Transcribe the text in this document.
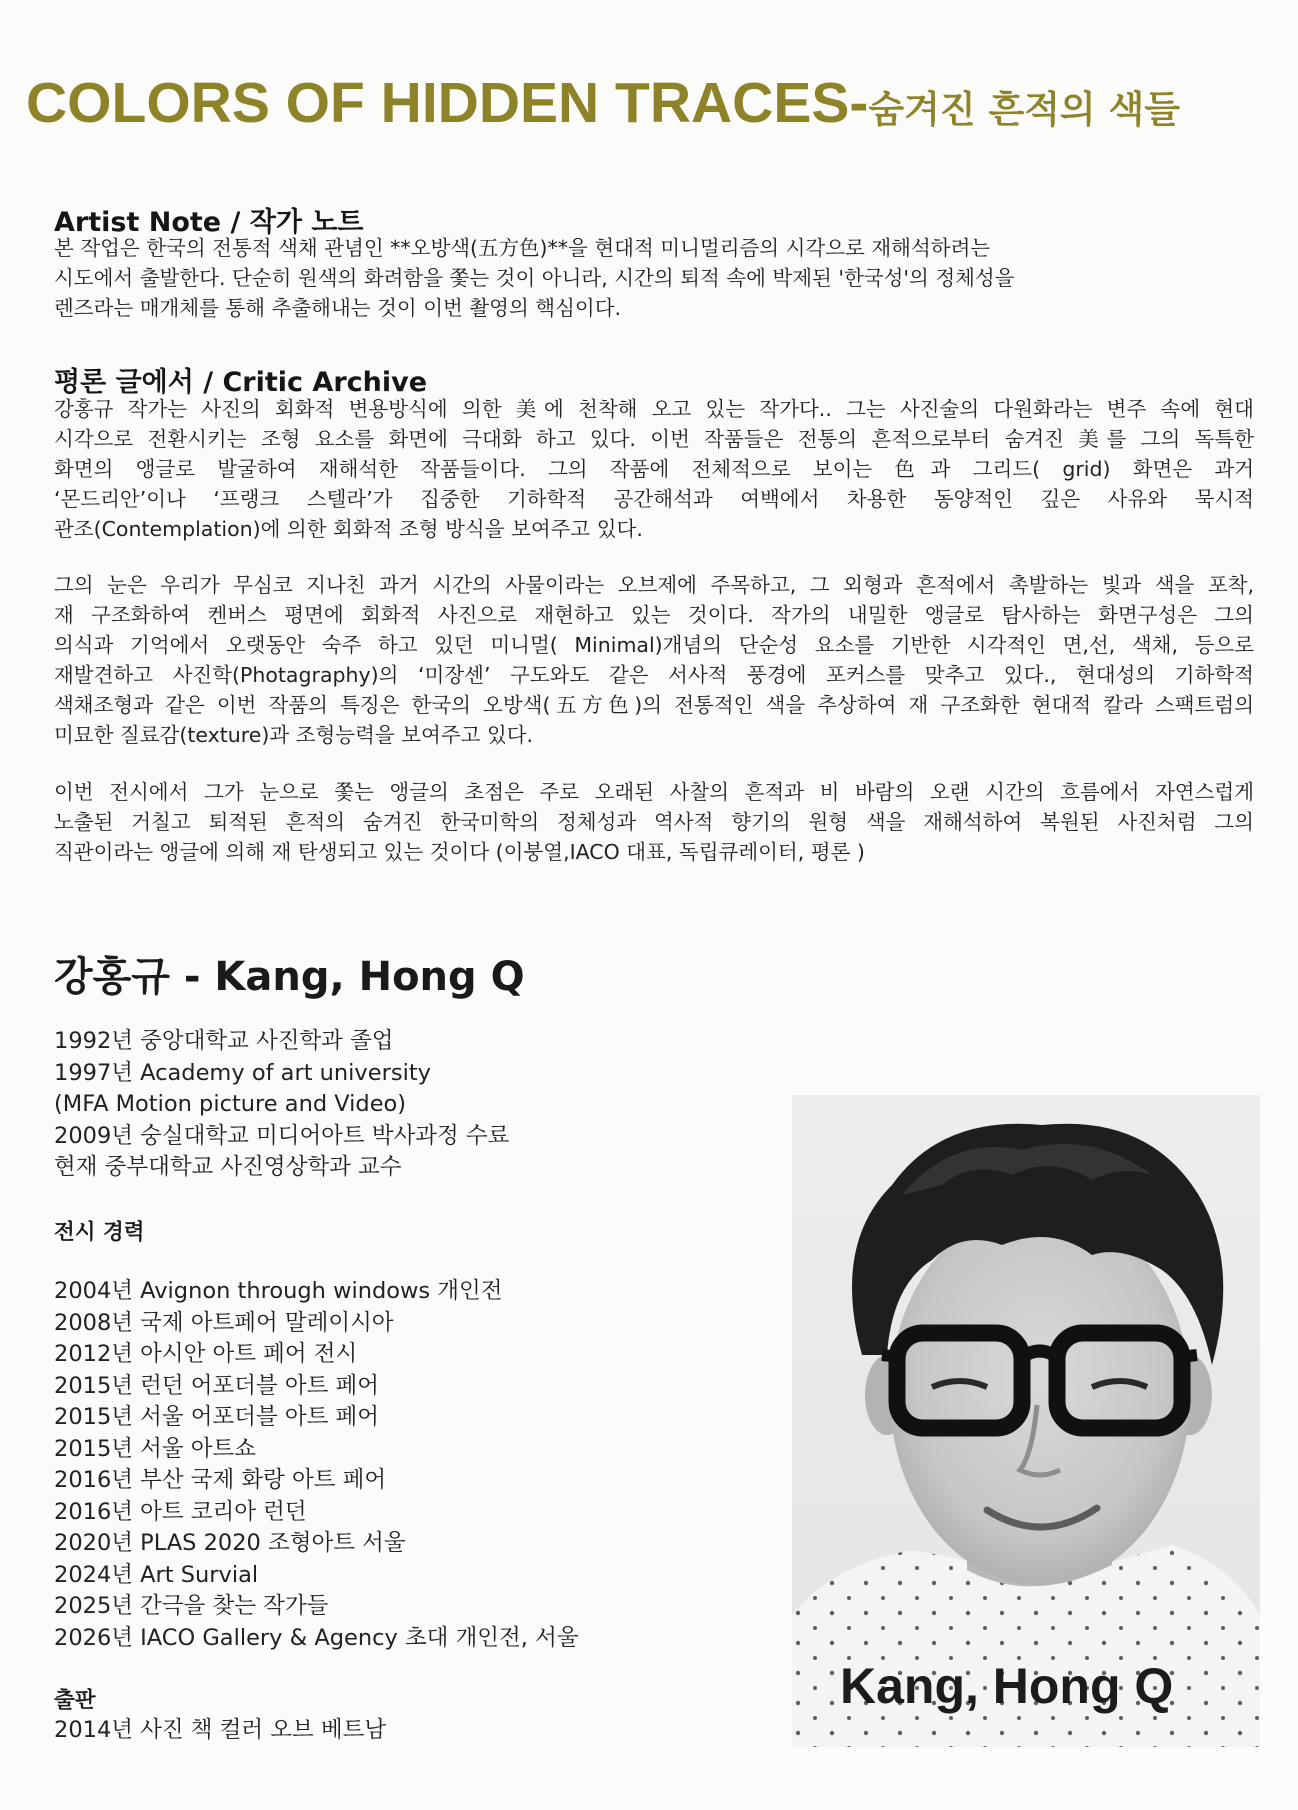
COLORS OF HIDDEN TRACES-숨겨진 흔적의 색들
Artist Note / 작가 노트
본 작업은 한국의 전통적 색채 관념인 **오방색(五方色)**을 현대적 미니멀리즘의 시각으로 재해석하려는
시도에서 출발한다. 단순히 원색의 화려함을 쫓는 것이 아니라, 시간의 퇴적 속에 박제된 '한국성'의 정체성을
렌즈라는 매개체를 통해 추출해내는 것이 이번 촬영의 핵심이다.
평론 글에서 / Critic Archive
강홍규 작가는 사진의 회화적 변용방식에 의한 美에 천착해 오고 있는 작가다.. 그는 사진술의 다원화라는 변주 속에 현대
시각으로 전환시키는 조형 요소를 화면에 극대화 하고 있다. 이번 작품들은 전통의 흔적으로부터 숨겨진 美를 그의 독특한
화면의 앵글로 발굴하여 재해석한 작품들이다. 그의 작품에 전체적으로 보이는 色과 그리드( grid) 화면은 과거
‘몬드리안’이나 ‘프랭크 스텔라’가 집중한 기하학적 공간해석과 여백에서 차용한 동양적인 깊은 사유와 묵시적
관조(Contemplation)에 의한 회화적 조형 방식을 보여주고 있다.
그의 눈은 우리가 무심코 지나친 과거 시간의 사물이라는 오브제에 주목하고, 그 외형과 흔적에서 촉발하는 빛과 색을 포착,
재 구조화하여 켄버스 평면에 회화적 사진으로 재현하고 있는 것이다. 작가의 내밀한 앵글로 탐사하는 화면구성은 그의
의식과 기억에서 오랫동안 숙주 하고 있던 미니멀( Minimal)개념의 단순성 요소를 기반한 시각적인 면,선, 색채, 등으로
재발견하고 사진학(Photagraphy)의 ‘미장센’ 구도와도 같은 서사적 풍경에 포커스를 맞추고 있다., 현대성의 기하학적
색채조형과 같은 이번 작품의 특징은 한국의 오방색(五方色)의 전통적인 색을 추상하여 재 구조화한 현대적 칼라 스팩트럼의
미묘한 질료감(texture)과 조형능력을 보여주고 있다.
이번 전시에서 그가 눈으로 쫓는 앵글의 초점은 주로 오래된 사찰의 흔적과 비 바람의 오랜 시간의 흐름에서 자연스럽게
노출된 거칠고 퇴적된 흔적의 숨겨진 한국미학의 정체성과 역사적 향기의 원형 색을 재해석하여 복원된 사진처럼 그의
직관이라는 앵글에 의해 재 탄생되고 있는 것이다 (이붕열,IACO 대표, 독립큐레이터, 평론 )
강홍규 - Kang, Hong Q
1992년 중앙대학교 사진학과 졸업
1997년 Academy of art university
(MFA Motion picture and Video)
2009년 숭실대학교 미디어아트 박사과정 수료
현재 중부대학교 사진영상학과 교수
전시 경력
2004년 Avignon through windows 개인전
2008년 국제 아트페어 말레이시아
2012년 아시안 아트 페어 전시
2015년 런던 어포더블 아트 페어
2015년 서울 어포더블 아트 페어
2015년 서울 아트쇼
2016년 부산 국제 화랑 아트 페어
2016년 아트 코리아 런던
2020년 PLAS 2020 조형아트 서울
2024년 Art Survial
2025년 간극을 찾는 작가들
2026년 IACO Gallery & Agency 초대 개인전, 서울
출판
2014년 사진 책 컬러 오브 베트남
Kang, Hong Q
